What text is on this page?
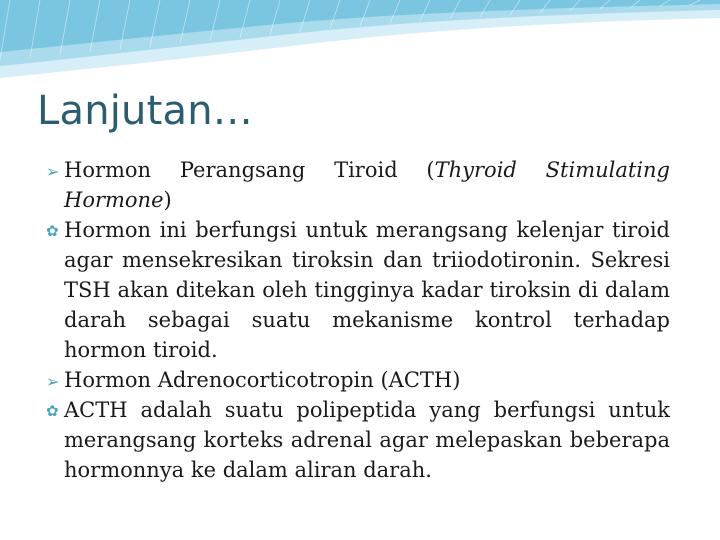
Lanjutan…
➢ Hormon Perangsang Tiroid (Thyroid Stimulating Hormone)
✿ Hormon ini berfungsi untuk merangsang kelenjar tiroid agar mensekresikan tiroksin dan triiodotironin. Sekresi TSH akan ditekan oleh tingginya kadar tiroksin di dalam darah sebagai suatu mekanisme kontrol terhadap hormon tiroid.
➢ Hormon Adrenocorticotropin (ACTH)
✿ ACTH adalah suatu polipeptida yang berfungsi untuk merangsang korteks adrenal agar melepaskan beberapa hormonnya ke dalam aliran darah.
